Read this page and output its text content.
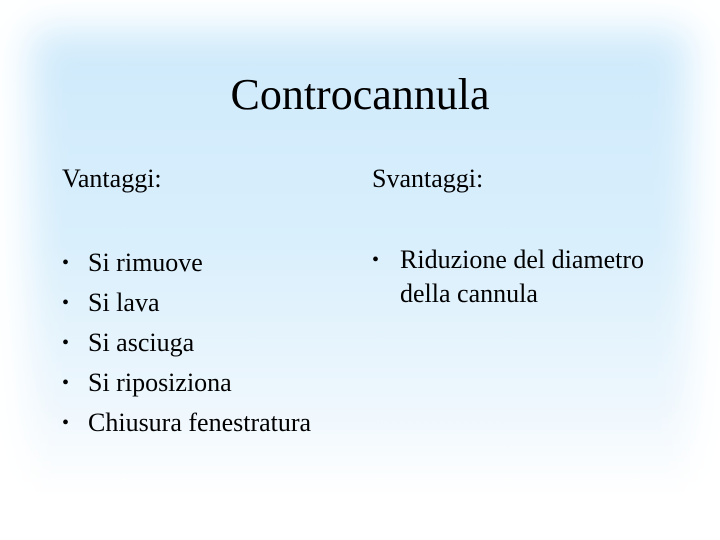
Controcannula
Vantaggi:	Svantaggi:
• Si rimuove
• Si lava
• Si asciuga
• Si riposiziona
• Chiusura fenestratura
• Riduzione del diametro della cannula
